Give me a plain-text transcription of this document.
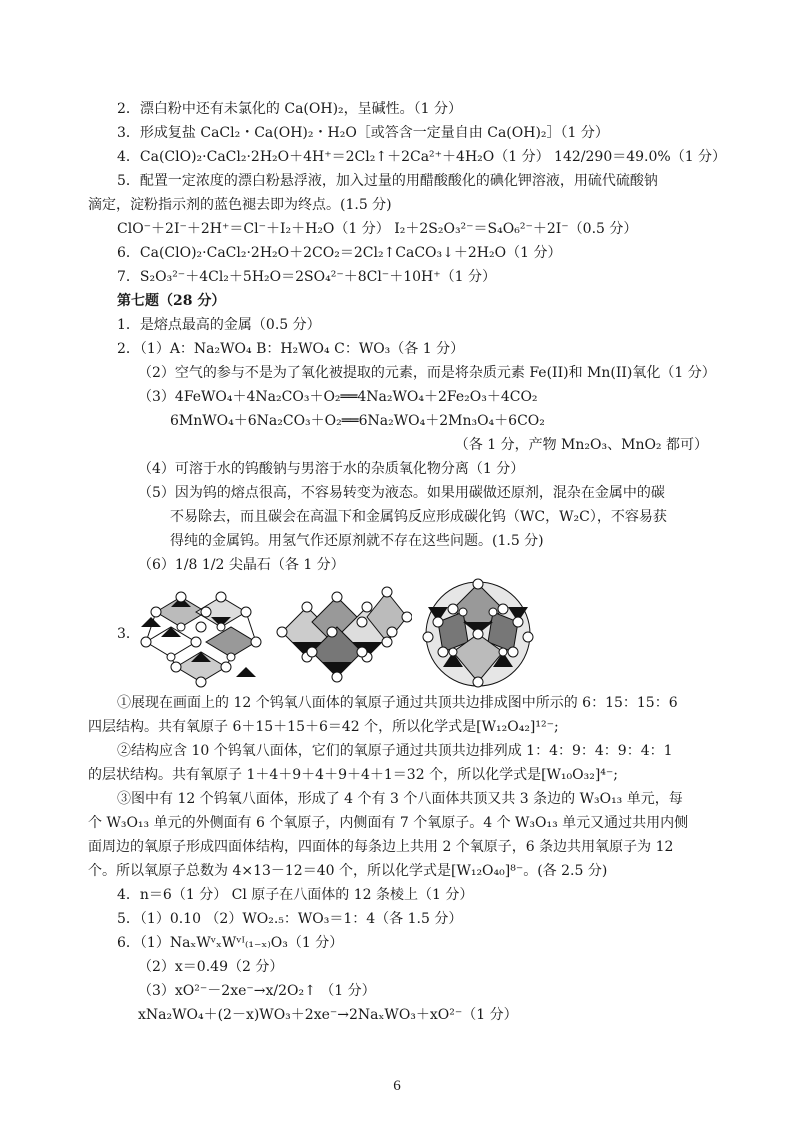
2．漂白粉中还有未氯化的 Ca(OH)₂，呈碱性。（1 分）
3．形成复盐 CaCl₂・Ca(OH)₂・H₂O［或答含一定量自由 Ca(OH)₂］（1 分）
4．Ca(ClO)₂·CaCl₂·2H₂O＋4H⁺＝2Cl₂↑＋2Ca²⁺＋4H₂O（1 分） 142/290＝49.0%（1 分）
5．配置一定浓度的漂白粉悬浮液，加入过量的用醋酸酸化的碘化钾溶液，用硫代硫酸钠
滴定，淀粉指示剂的蓝色褪去即为终点。(1.5 分)
ClO⁻＋2I⁻＋2H⁺＝Cl⁻＋I₂＋H₂O（1 分） I₂＋2S₂O₃²⁻＝S₄O₆²⁻＋2I⁻（0.5 分）
6．Ca(ClO)₂·CaCl₂·2H₂O＋2CO₂＝2Cl₂↑CaCO₃↓＋2H₂O（1 分）
7．S₂O₃²⁻＋4Cl₂＋5H₂O＝2SO₄²⁻＋8Cl⁻＋10H⁺（1 分）
第七题（28 分）
1．是熔点最高的金属（0.5 分）
2．（1）A：Na₂WO₄ B：H₂WO₄ C：WO₃（各 1 分）
（2）空气的参与不是为了氧化被提取的元素，而是将杂质元素 Fe(II)和 Mn(II)氧化（1 分）
（3）4FeWO₄＋4Na₂CO₃＋O₂══4Na₂WO₄＋2Fe₂O₃＋4CO₂
6MnWO₄＋6Na₂CO₃＋O₂══6Na₂WO₄＋2Mn₃O₄＋6CO₂
（各 1 分，产物 Mn₂O₃、MnO₂ 都可）
（4）可溶于水的钨酸钠与男溶于水的杂质氧化物分离（1 分）
（5）因为钨的熔点很高，不容易转变为液态。如果用碳做还原剂，混杂在金属中的碳
不易除去，而且碳会在高温下和金属钨反应形成碳化钨（WC，W₂C），不容易获
得纯的金属钨。用氢气作还原剂就不存在这些问题。(1.5 分)
（6）1/8 1/2 尖晶石（各 1 分）
3．
①展现在画面上的 12 个钨氧八面体的氧原子通过共顶共边排成图中所示的 6：15：15：6
四层结构。共有氧原子 6＋15＋15＋6＝42 个，所以化学式是[W₁₂O₄₂]¹²⁻;
②结构应含 10 个钨氧八面体，它们的氧原子通过共顶共边排列成 1：4：9：4：9：4：1
的层状结构。共有氧原子 1＋4＋9＋4＋9＋4＋1＝32 个，所以化学式是[W₁₀O₃₂]⁴⁻;
③图中有 12 个钨氧八面体，形成了 4 个有 3 个八面体共顶又共 3 条边的 W₃O₁₃ 单元，每
个 W₃O₁₃ 单元的外侧面有 6 个氧原子，内侧面有 7 个氧原子。4 个 W₃O₁₃ 单元又通过共用内侧
面周边的氧原子形成四面体结构，四面体的每条边上共用 2 个氧原子，6 条边共用氧原子为 12
个。所以氧原子总数为 4×13－12＝40 个，所以化学式是[W₁₂O₄₀]⁸⁻。(各 2.5 分)
4．n＝6（1 分） Cl 原子在八面体的 12 条棱上（1 分）
5．（1）0.10 （2）WO₂.₅：WO₃＝1：4（各 1.5 分）
6．（1）NaₓWᵛₓWᵛᴵ₍₁₋ₓ₎O₃（1 分）
（2）x＝0.49（2 分）
（3）xO²⁻－2xe⁻→x/2O₂↑ （1 分）
xNa₂WO₄＋(2－x)WO₃＋2xe⁻→2NaₓWO₃＋xO²⁻（1 分）
6
